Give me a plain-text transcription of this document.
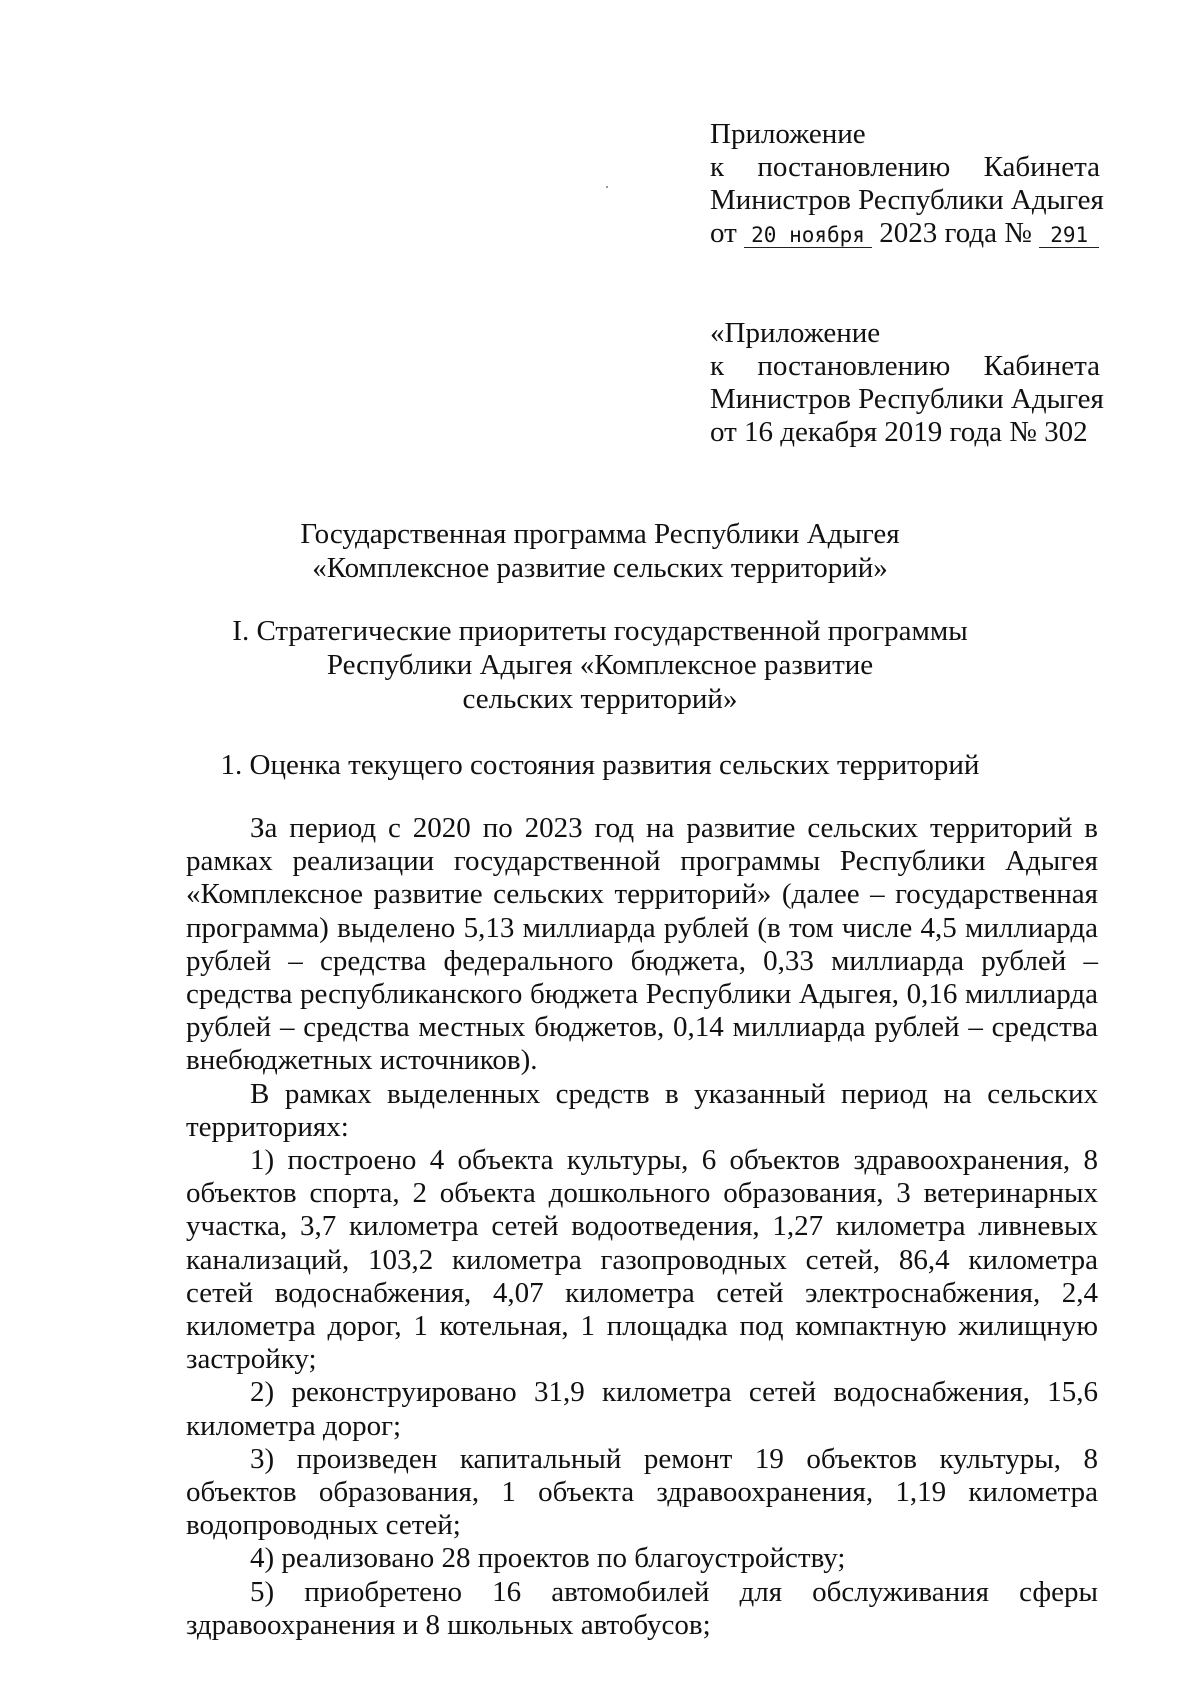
Приложение
к постановлению Кабинета
Министров Республики Адыгея
от 20 ноября 2023 года № 291
«Приложение
к постановлению Кабинета
Министров Республики Адыгея
от 16 декабря 2019 года № 302
Государственная программа Республики Адыгея
«Комплексное развитие сельских территорий»
I. Стратегические приоритеты государственной программы
Республики Адыгея «Комплексное развитие
сельских территорий»
1. Оценка текущего состояния развития сельских территорий

За период с 2020 по 2023 год на развитие сельских территорий в рамках реализации государственной программы Республики Адыгея «Комплексное развитие сельских территорий» (далее – государственная программа) выделено 5,13 миллиарда рублей (в том числе 4,5 миллиарда рублей – средства федерального бюджета, 0,33 миллиарда рублей – средства республиканского бюджета Республики Адыгея, 0,16 миллиарда рублей – средства местных бюджетов, 0,14 миллиарда рублей – средства внебюджетных источников).

В рамках выделенных средств в указанный период на сельских территориях:

1) построено 4 объекта культуры, 6 объектов здравоохранения, 8 объектов спорта, 2 объекта дошкольного образования, 3 ветеринарных участка, 3,7 километра сетей водоотведения, 1,27 километра ливневых канализаций, 103,2 километра газопроводных сетей, 86,4 километра сетей водоснабжения, 4,07 километра сетей электроснабжения, 2,4 километра дорог, 1 котельная, 1 площадка под компактную жилищную застройку;

2) реконструировано 31,9 километра сетей водоснабжения, 15,6 километра дорог;

3) произведен капитальный ремонт 19 объектов культуры, 8 объектов образования, 1 объекта здравоохранения, 1,19 километра водопроводных сетей;

4) реализовано 28 проектов по благоустройству;

5) приобретено 16 автомобилей для обслуживания сферы здравоохранения и 8 школьных автобусов;
